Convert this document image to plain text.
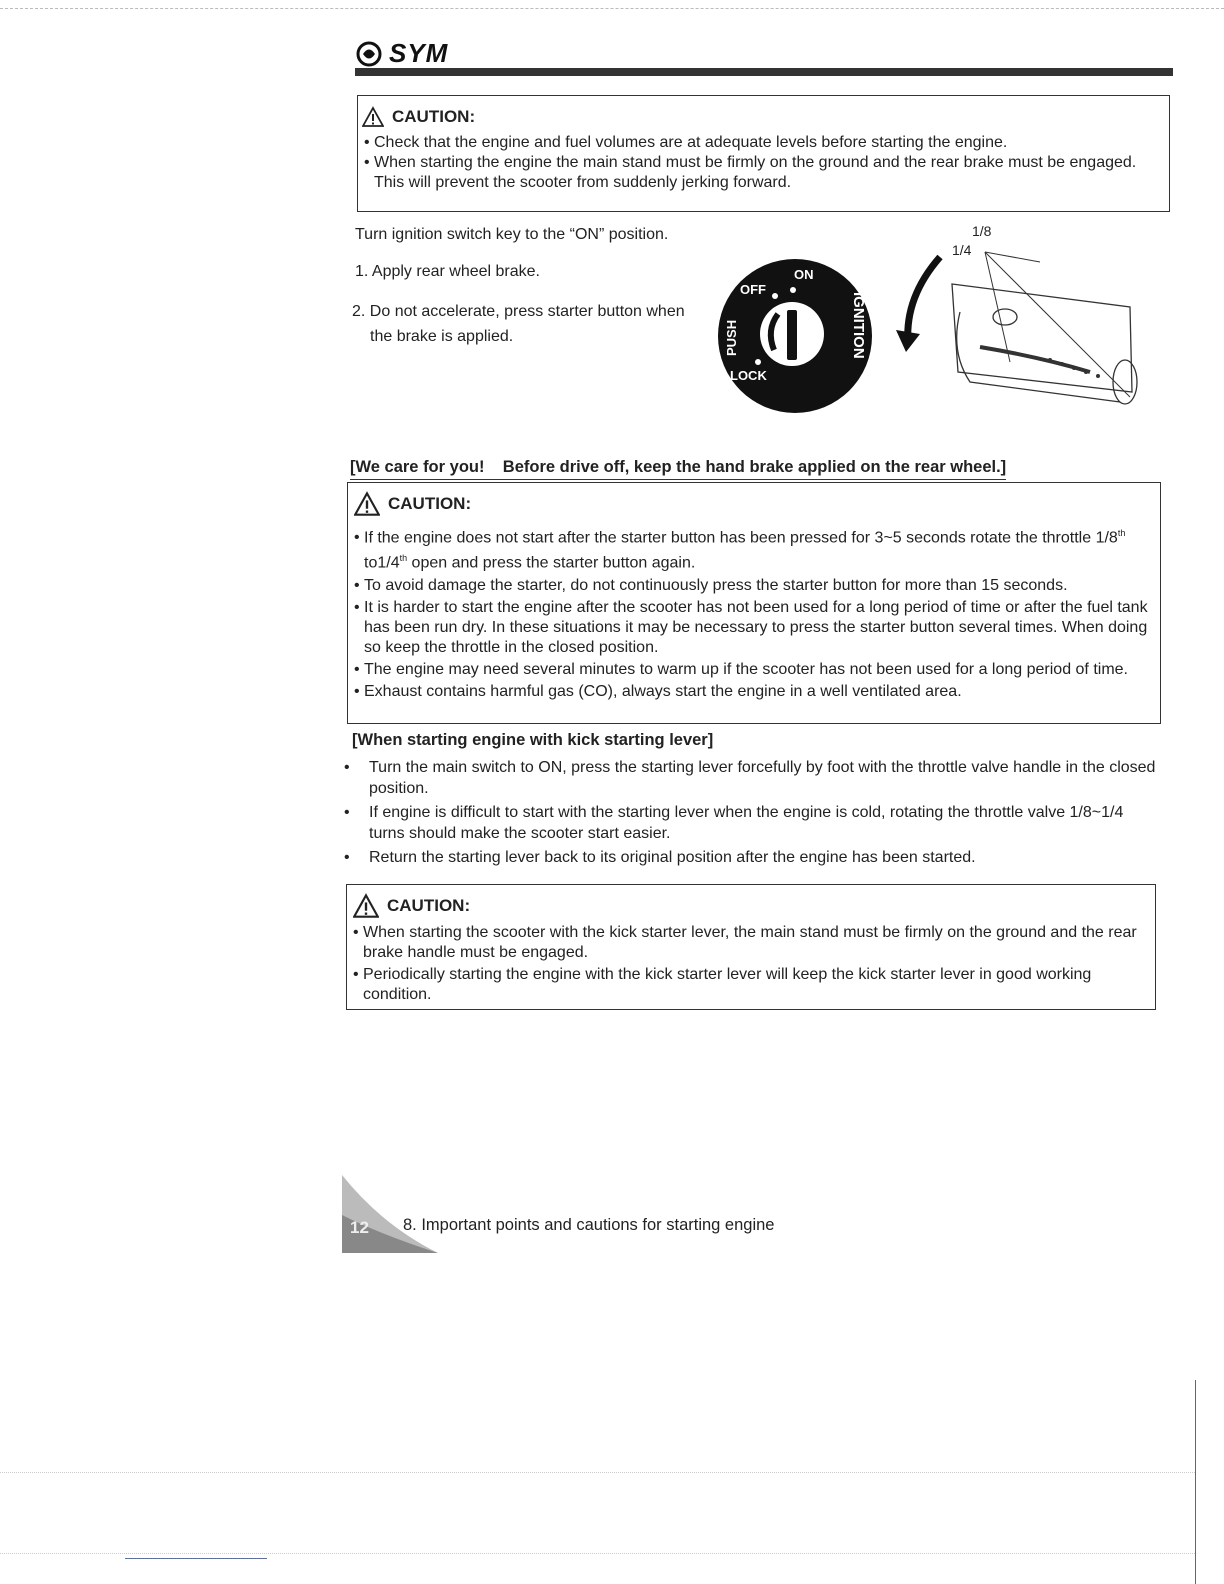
SYM
CAUTION:

• Check that the engine and fuel volumes are at adequate levels before starting the engine.

• When starting the engine the main stand must be firmly on the ground and the rear brake must be engaged. This will prevent the scooter from suddenly jerking forward.

Turn ignition switch key to the “ON” position.
1. Apply rear wheel brake.
2. Do not accelerate, press starter button when
the brake is applied.
ON
OFF
LOCK
PUSH	IGNITION
1/8
1/4
[We care for you!    Before drive off, keep the hand brake applied on the rear wheel.]
CAUTION:

• If the engine does not start after the starter button has been pressed for 3~5 seconds rotate the throttle 1/8th to1/4th open and press the starter button again.

• To avoid damage the starter, do not continuously press the starter button for more than 15 seconds.

• It is harder to start the engine after the scooter has not been used for a long period of time or after the fuel tank has been run dry. In these situations it may be necessary to press the starter button several times. When doing so keep the throttle in the closed position.

• The engine may need several minutes to warm up if the scooter has not been used for a long period of time.

• Exhaust contains harmful gas (CO), always start the engine in a well ventilated area.

[When starting engine with kick starting lever]
• Turn the main switch to ON, press the starting lever forcefully by foot with the throttle valve handle in the closed position.
• If engine is difficult to start with the starting lever when the engine is cold, rotating the throttle valve 1/8~1/4 turns should make the scooter start easier.
• Return the starting lever back to its original position after the engine has been started.
CAUTION:

• When starting the scooter with the kick starter lever, the main stand must be firmly on the ground and the rear brake handle must be engaged.

• Periodically starting the engine with the kick starter lever will keep the kick starter lever in good working condition.

12 8. Important points and cautions for starting engine
